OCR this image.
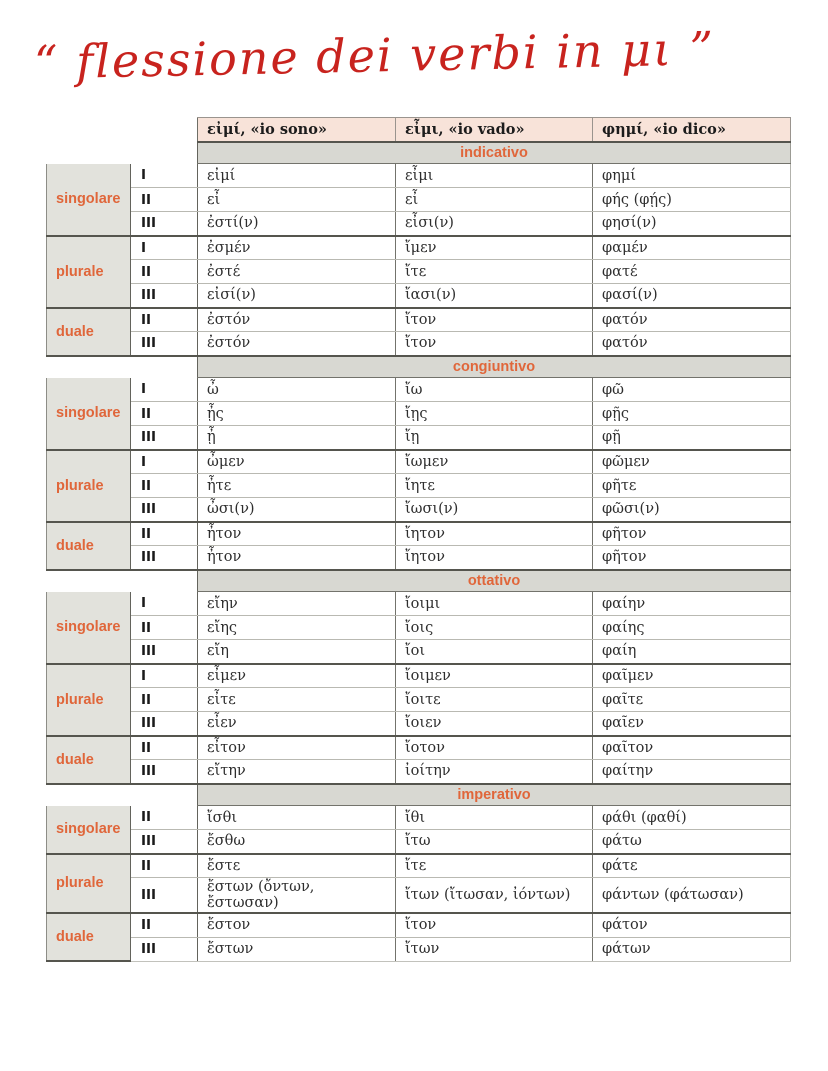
“ flessione dei verbi in μι ”
		εἰμί, «io sono»	εἶμι, «io vado»	φημί, «io dico»
		indicativo		
singolare	I	εἰμί	εἶμι	φημί
	II	εἶ	εἶ	φής (φῄς)
	III	ἐστί(ν)	εἶσι(ν)	φησί(ν)
plurale	I	ἐσμέν	ἴμεν	φαμέν
	II	ἐστέ	ἴτε	φατέ
	III	εἰσί(ν)	ἴασι(ν)	φασί(ν)
duale	II	ἐστόν	ἴτον	φατόν
	III	ἐστόν	ἴτον	φατόν
		congiuntivo		
singolare	I	ὦ	ἴω	φῶ
	II	ᾖς	ἴῃς	φῇς
	III	ᾖ	ἴῃ	φῇ
plurale	I	ὦμεν	ἴωμεν	φῶμεν
	II	ἦτε	ἴητε	φῆτε
	III	ὦσι(ν)	ἴωσι(ν)	φῶσι(ν)
duale	II	ἦτον	ἴητον	φῆτον
	III	ἦτον	ἴητον	φῆτον
		ottativo		
singolare	I	εἴην	ἴοιμι	φαίην
	II	εἴης	ἴοις	φαίης
	III	εἴη	ἴοι	φαίη
plurale	I	εἶμεν	ἴοιμεν	φαῖμεν
	II	εἶτε	ἴοιτε	φαῖτε
	III	εἶεν	ἴοιεν	φαῖεν
duale	II	εἶτον	ἴοτον	φαῖτον
	III	εἴτην	ἰοίτην	φαίτην
		imperativo		
singolare	II	ἴσθι	ἴθι	φάθι (φαθί)
	III	ἔσθω	ἴτω	φάτω
plurale	II	ἔστε	ἴτε	φάτε
	III	ἔστων (ὄντων, ἔστωσαν)	ἴτων (ἴτωσαν, ἰόντων)	φάντων (φάτωσαν)
duale	II	ἔστον	ἴτον	φάτον
	III	ἔστων	ἴτων	φάτων
